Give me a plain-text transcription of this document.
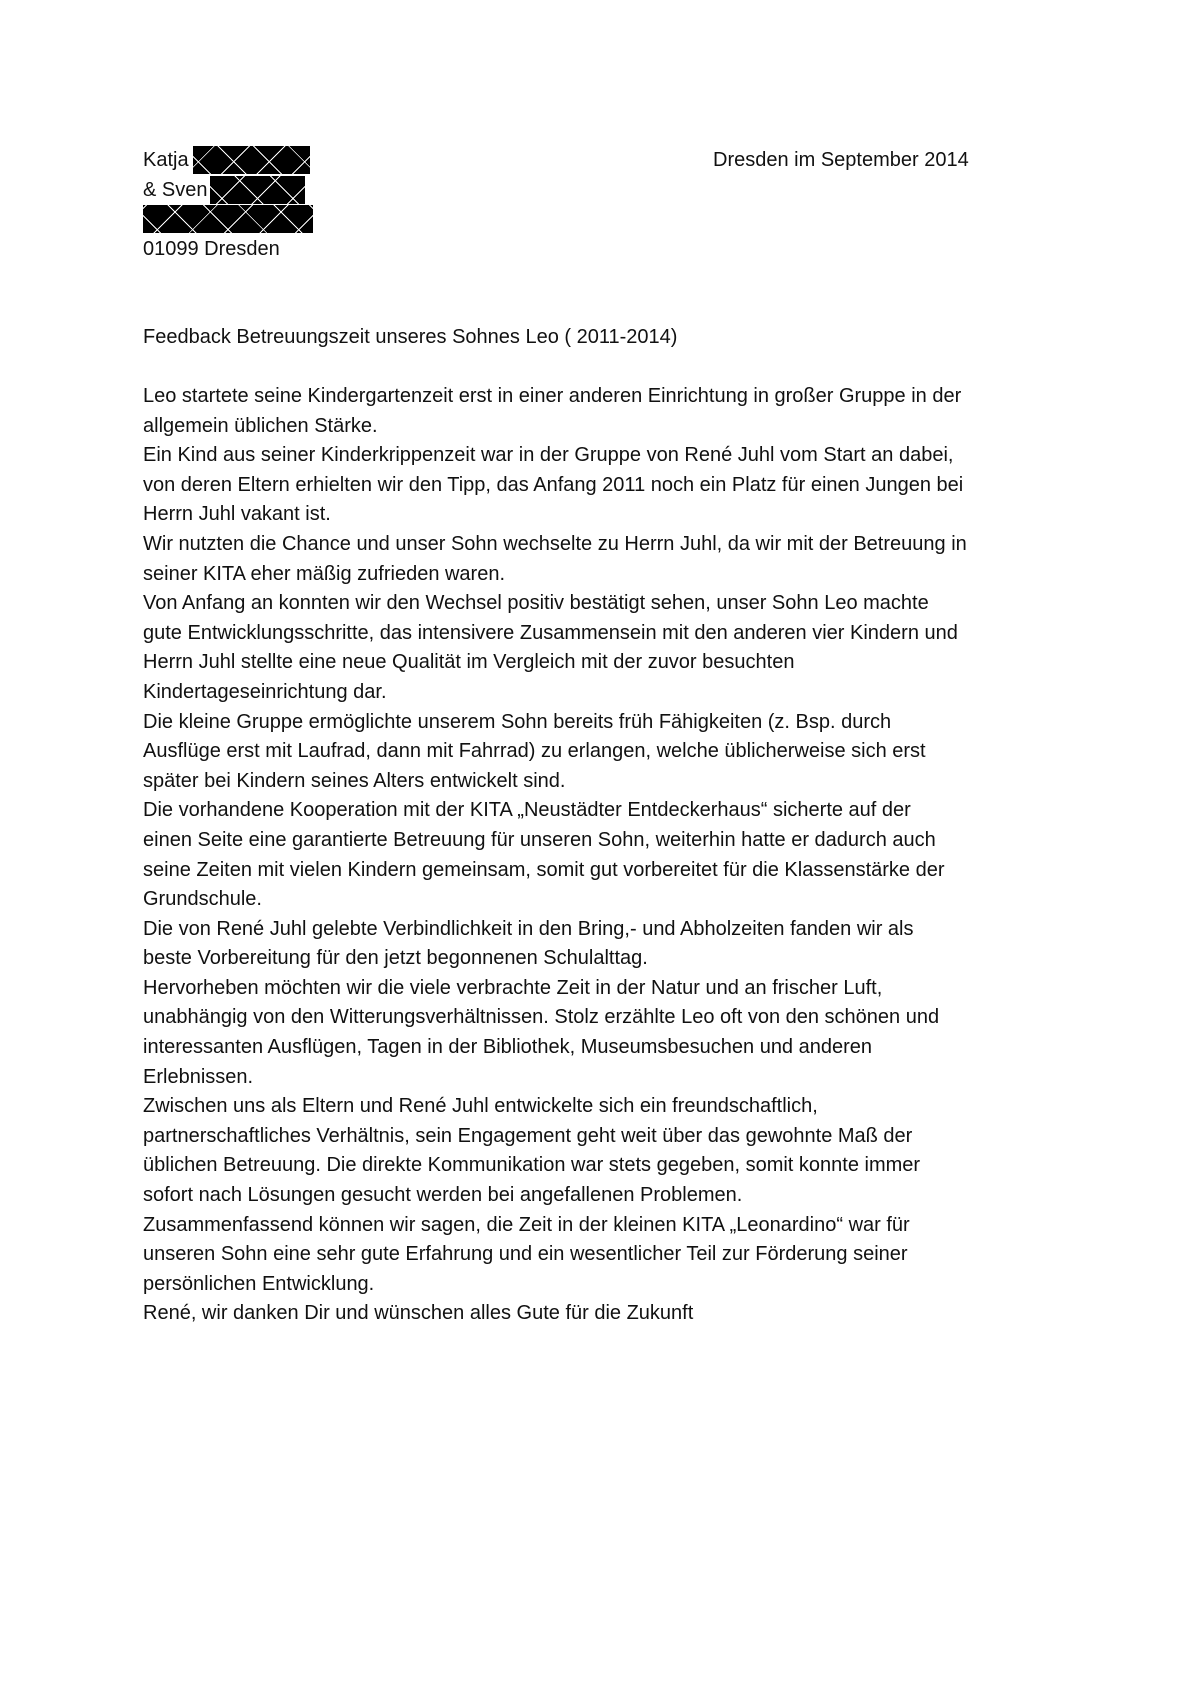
Katja
& Sven
01099 Dresden
Dresden im September 2014
Feedback Betreuungszeit unseres Sohnes Leo ( 2011-2014)

Leo startete seine Kindergartenzeit erst in einer anderen Einrichtung in großer Gruppe in der
allgemein üblichen Stärke.

Ein Kind aus seiner Kinderkrippenzeit war in der Gruppe von René Juhl vom Start an dabei,
von deren Eltern erhielten wir den Tipp, das Anfang 2011 noch ein Platz für einen Jungen bei
Herrn Juhl vakant ist.

Wir nutzten die Chance und unser Sohn wechselte zu Herrn Juhl, da wir mit der Betreuung in
seiner KITA eher mäßig zufrieden waren.

Von Anfang an konnten wir den Wechsel positiv bestätigt sehen, unser Sohn Leo machte
gute Entwicklungsschritte, das intensivere Zusammensein mit den anderen vier Kindern und
Herrn Juhl stellte eine neue Qualität im Vergleich mit der zuvor besuchten
Kindertageseinrichtung dar.

Die kleine Gruppe ermöglichte unserem Sohn bereits früh Fähigkeiten (z. Bsp. durch
Ausflüge erst mit Laufrad, dann mit Fahrrad) zu erlangen, welche üblicherweise sich erst
später bei Kindern seines Alters entwickelt sind.

Die vorhandene Kooperation mit der KITA „Neustädter Entdeckerhaus“ sicherte auf der
einen Seite eine garantierte Betreuung für unseren Sohn, weiterhin hatte er dadurch auch
seine Zeiten mit vielen Kindern gemeinsam, somit gut vorbereitet für die Klassenstärke der
Grundschule.

Die von René Juhl gelebte Verbindlichkeit in den Bring,- und Abholzeiten fanden wir als
beste Vorbereitung für den jetzt begonnenen Schulalttag.

Hervorheben möchten wir die viele verbrachte Zeit in der Natur und an frischer Luft,
unabhängig von den Witterungsverhältnissen. Stolz erzählte Leo oft von den schönen und
interessanten Ausflügen, Tagen in der Bibliothek, Museumsbesuchen und anderen
Erlebnissen.

Zwischen uns als Eltern und René Juhl entwickelte sich ein freundschaftlich,
partnerschaftliches Verhältnis, sein Engagement geht weit über das gewohnte Maß der
üblichen Betreuung. Die direkte Kommunikation war stets gegeben, somit konnte immer
sofort nach Lösungen gesucht werden bei angefallenen Problemen.

Zusammenfassend können wir sagen, die Zeit in der kleinen KITA „Leonardino“ war für
unseren Sohn eine sehr gute Erfahrung und ein wesentlicher Teil zur Förderung seiner
persönlichen Entwicklung.

René, wir danken Dir und wünschen alles Gute für die Zukunft
